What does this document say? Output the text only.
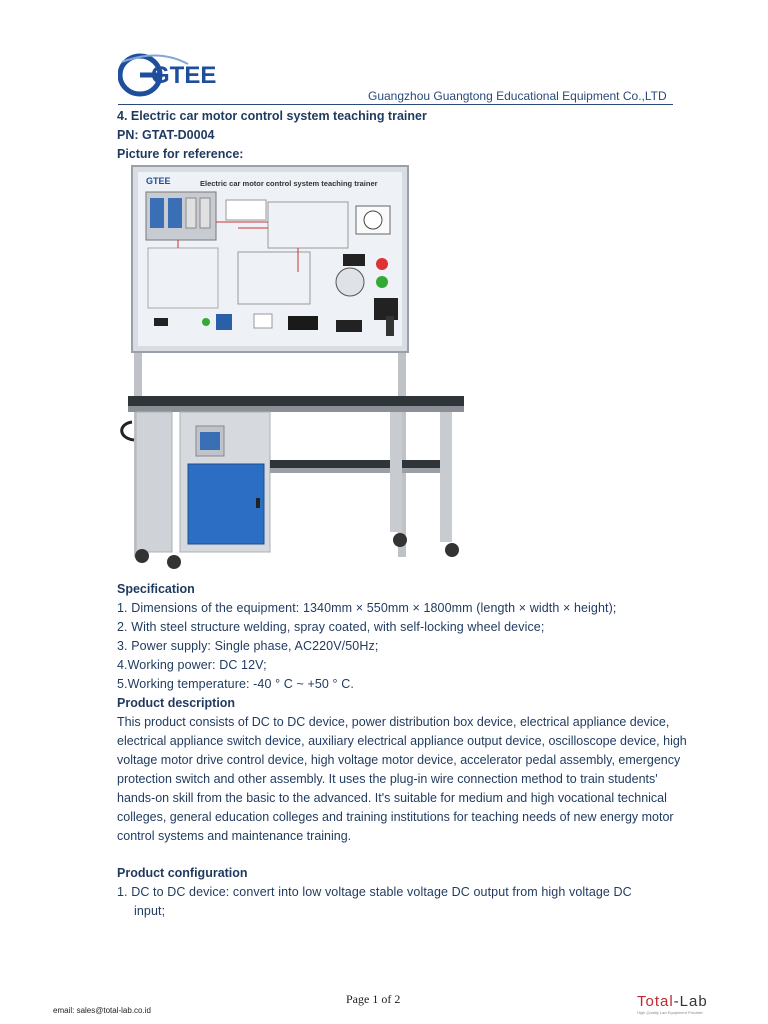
GTEE
Guangzhou Guangtong Educational Equipment Co.,LTD
4. Electric car motor control system teaching trainer
PN: GTAT-D0004
Picture for reference:
GTEE	Electric car motor control system teaching trainer
Specification
1. Dimensions of the equipment: 1340mm × 550mm × 1800mm (length × width × height);
2. With steel structure welding, spray coated, with self-locking wheel device;
3. Power supply: Single phase, AC220V/50Hz;
4.Working power: DC 12V;
5.Working temperature: -40 ° C ~ +50 ° C.
Product description
This product consists of DC to DC device, power distribution box device, electrical appliance device, electrical appliance switch device, auxiliary electrical appliance output device, oscilloscope device, high voltage motor drive control device, high voltage motor device, accelerator pedal assembly, emergency protection switch and other assembly. It uses the plug-in wire connection method to train students' hands-on skill from the basic to the advanced. It's suitable for medium and high vocational technical colleges, general education colleges and training institutions for teaching needs of new energy motor control systems and maintenance training.
Product configuration
1. DC to DC device: convert into low voltage stable voltage DC output from high voltage DC
input;
Page 1 of 2
email: sales@total-lab.co.id
Total-Lab
High Quality Lab Equipment Provider
